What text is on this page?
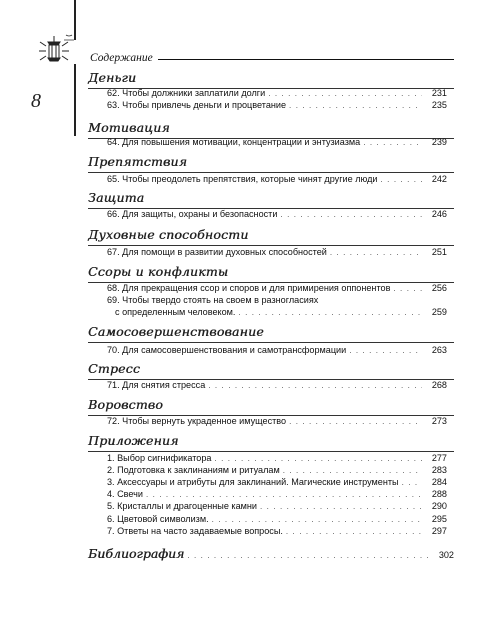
8
Содержание
Деньги
62. Чтобы должники заплатили долги . . .	231
63. Чтобы привлечь деньги и процветание . . .	235
Мотивация
64. Для повышения мотивации, концентрации и энтузиазма . . .	239
Препятствия
65. Чтобы преодолеть препятствия, которые чинят другие люди . . .	242
Защита
66. Для защиты, охраны и безопасности . . .	246
Духовные способности
67. Для помощи в развитии духовных способностей . . .	251
Ссоры и конфликты
68. Для прекращения ссор и споров и для примирения оппонентов . . .	256
69. Чтобы твердо стоять на своем в разногласиях
с определенным человеком. . . .	259
Самосовершенствование
70. Для самосовершенствования и самотрансформации . . .	263
Стресс
71. Для снятия стресса . . .	268
Воровство
72. Чтобы вернуть украденное имущество . . .	273
Приложения
1. Выбор сигнификатора . . .	277
2. Подготовка к заклинаниям и ритуалам . . .	283
3. Аксессуары и атрибуты для заклинаний. Магические инструменты . . .	284
4. Свечи . . .	288
5. Кристаллы и драгоценные камни . . .	290
6. Цветовой символизм. . . .	295
7. Ответы на часто задаваемые вопросы. . . .	297
Библиография . . .	302
